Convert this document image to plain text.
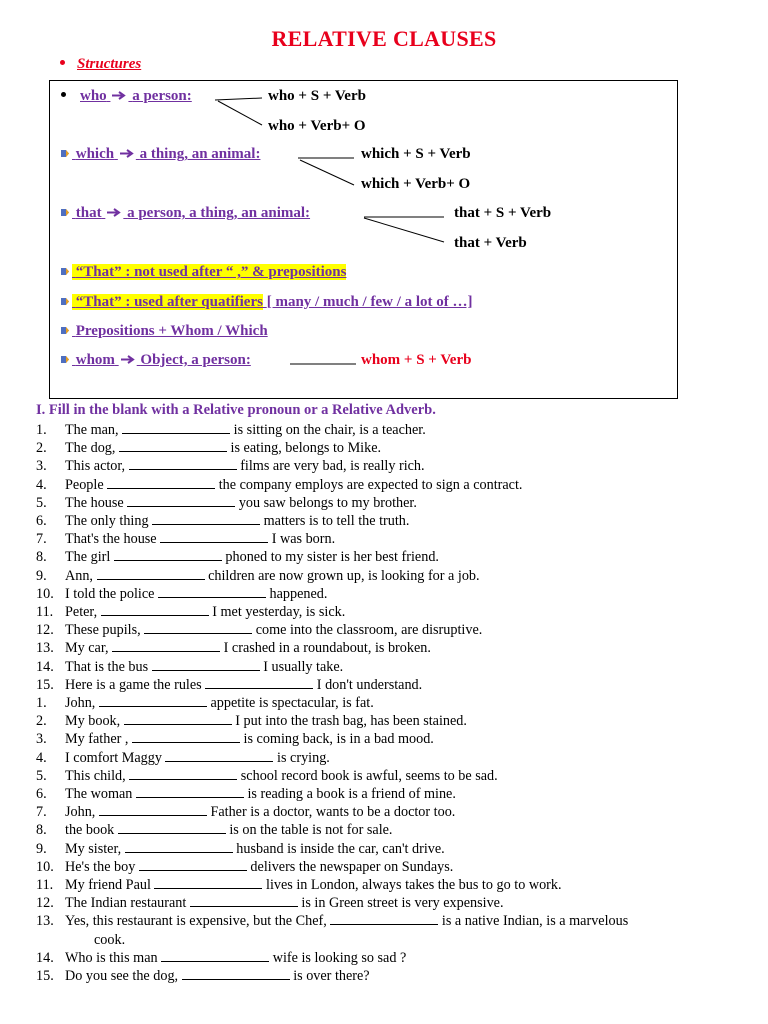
RELATIVE CLAUSES
Structures
who a person:	who + S + Verb
who + Verb+ O
which a thing, an animal:	which + S + Verb
which + Verb+ O
that a person, a thing, an animal:	that + S + Verb
that + Verb
“That” : not used after “ ,” & prepositions
“That” : used after quatifiers [ many / much / few / a lot of …]
Prepositions + Whom / Which
whom Object, a person:	whom + S + Verb
I. Fill in the blank with a Relative pronoun or a Relative Adverb.
1. The man,	is sitting on the chair, is a teacher.
2. The dog,	is eating, belongs to Mike.
3. This actor,	films are very bad, is really rich.
4. People	the company employs are expected to sign a contract.
5. The house	you saw belongs to my brother.
6. The only thing	matters is to tell the truth.
7. That's the house	I was born.
8. The girl	phoned to my sister is her best friend.
9. Ann,	children are now grown up, is looking for a job.
10. I told the police	happened.
11. Peter,	I met yesterday, is sick.
12. These pupils,	come into the classroom, are disruptive.
13. My car,	I crashed in a roundabout, is broken.
14. That is the bus	I usually take.
15. Here is a game the rules	I don't understand.
1. John,	appetite is spectacular, is fat.
2. My book,	I put into the trash bag, has been stained.
3. My father ,	is coming back, is in a bad mood.
4. I comfort Maggy	is crying.
5. This child,	school record book is awful, seems to be sad.
6. The woman	is reading a book is a friend of mine.
7. John,	Father is a doctor, wants to be a doctor too.
8. the book	is on the table is not for sale.
9. My sister,	husband is inside the car, can't drive.
10. He's the boy	delivers the newspaper on Sundays.
11. My friend Paul	lives in London, always takes the bus to go to work.
12. The Indian restaurant	is in Green street is very expensive.
13. Yes, this restaurant is expensive, but the Chef,	is a native Indian, is a marvelous
cook.
14. Who is this man	wife is looking so sad ?
15. Do you see the dog,	is over there?
